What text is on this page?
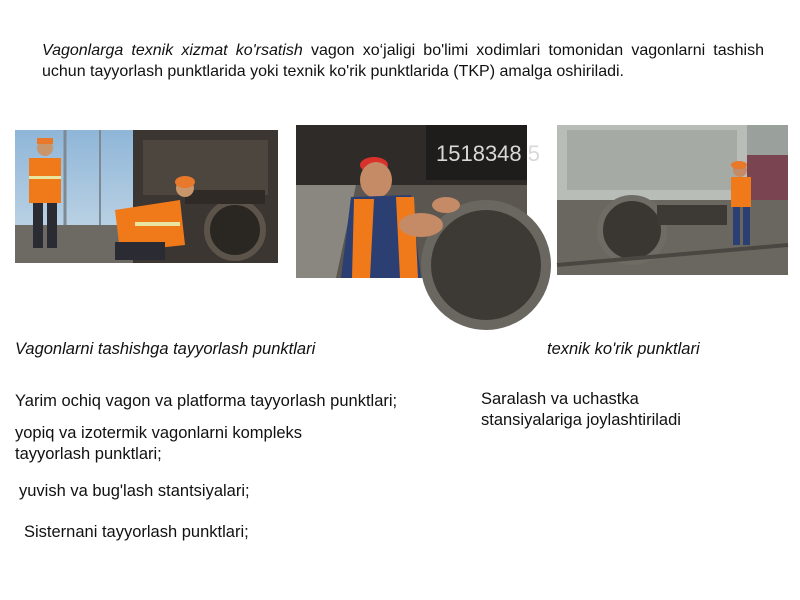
Vagonlarga texnik xizmat ko'rsatish vagon xo‘jaligi bo'limi xodimlari tomonidan vagonlarni tashish uchun tayyorlash punktlarida yoki texnik ko'rik punktlarida (TKP) amalga oshiriladi.

1518348 5

Vagonlarni tashishga tayyorlash punktlari	texnik ko'rik punktlari

Yarim ochiq vagon va platforma tayyorlash punktlari;

yopiq va izotermik vagonlarni kompleks tayyorlash punktlari;

yuvish va bug'lash stantsiyalari;

Sisternani tayyorlash punktlari;

Saralash va uchastka stansiyalariga joylashtiriladi
